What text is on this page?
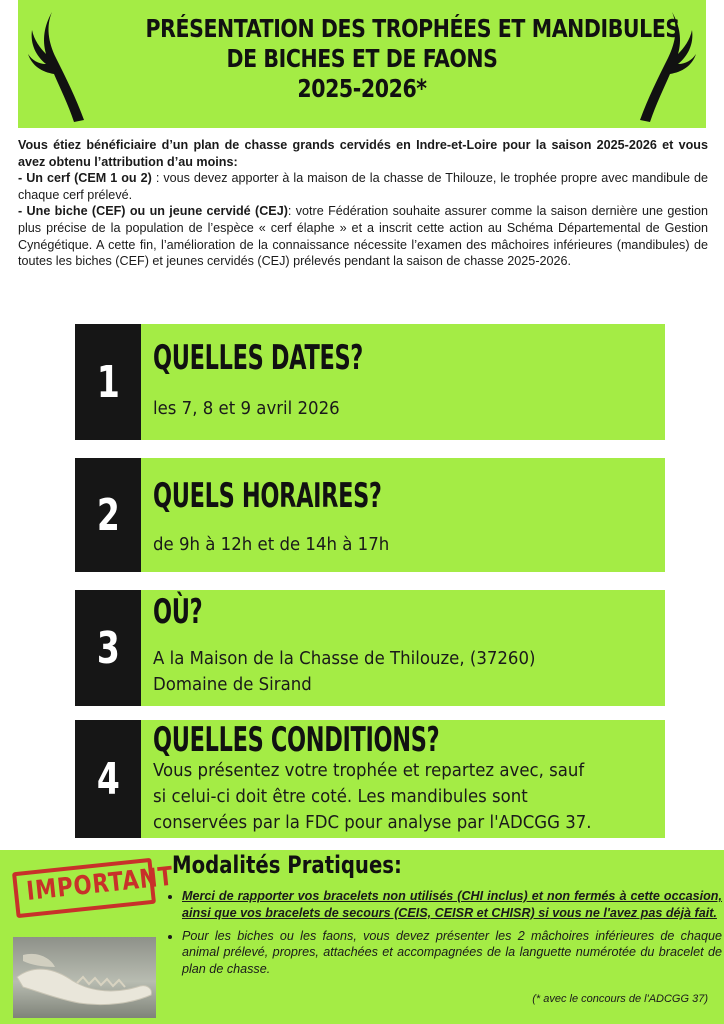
PRÉSENTATION DES TROPHÉES ET MANDIBULES
DE BICHES ET DE FAONS
2025-2026*

Vous étiez bénéficiaire d’un plan de chasse grands cervidés en Indre-et-Loire pour la saison 2025-2026 et vous avez obtenu l’attribution d’au moins:

- Un cerf (CEM 1 ou 2) : vous devez apporter à la maison de la chasse de Thilouze, le trophée propre avec mandibule de chaque cerf prélevé.

- Une biche (CEF) ou un jeune cervidé (CEJ): votre Fédération souhaite assurer comme la saison dernière une gestion plus précise de la population de l’espèce « cerf élaphe » et a inscrit cette action au Schéma Départemental de Gestion Cynégétique. A cette fin, l’amélioration de la connaissance nécessite l’examen des mâchoires inférieures (mandibules) de toutes les biches (CEF) et jeunes cervidés (CEJ) prélevés pendant la saison de chasse 2025-2026.

1 QUELLES DATES?
les 7, 8 et 9 avril 2026
2 QUELS HORAIRES?
de 9h à 12h et de 14h à 17h
3
OÙ?
A la Maison de la Chasse de Thilouze, (37260)
Domaine de Sirand
4
QUELLES CONDITIONS?
Vous présentez votre trophée et repartez avec, sauf
si celui-ci doit être coté. Les mandibules sont
conservées par la FDC pour analyse par l'ADCGG 37.
IMPORTANT
Modalités Pratiques:
• Merci de rapporter vos bracelets non utilisés (CHI inclus) et non fermés à cette occasion, ainsi que vos bracelets de secours (CEIS, CEISR et CHISR) si vous ne l'avez pas déjà fait.
• Pour les biches ou les faons, vous devez présenter les 2 mâchoires inférieures de chaque animal prélevé, propres, attachées et accompagnées de la languette numérotée du bracelet de plan de chasse.
(* avec le concours de l'ADCGG 37)
